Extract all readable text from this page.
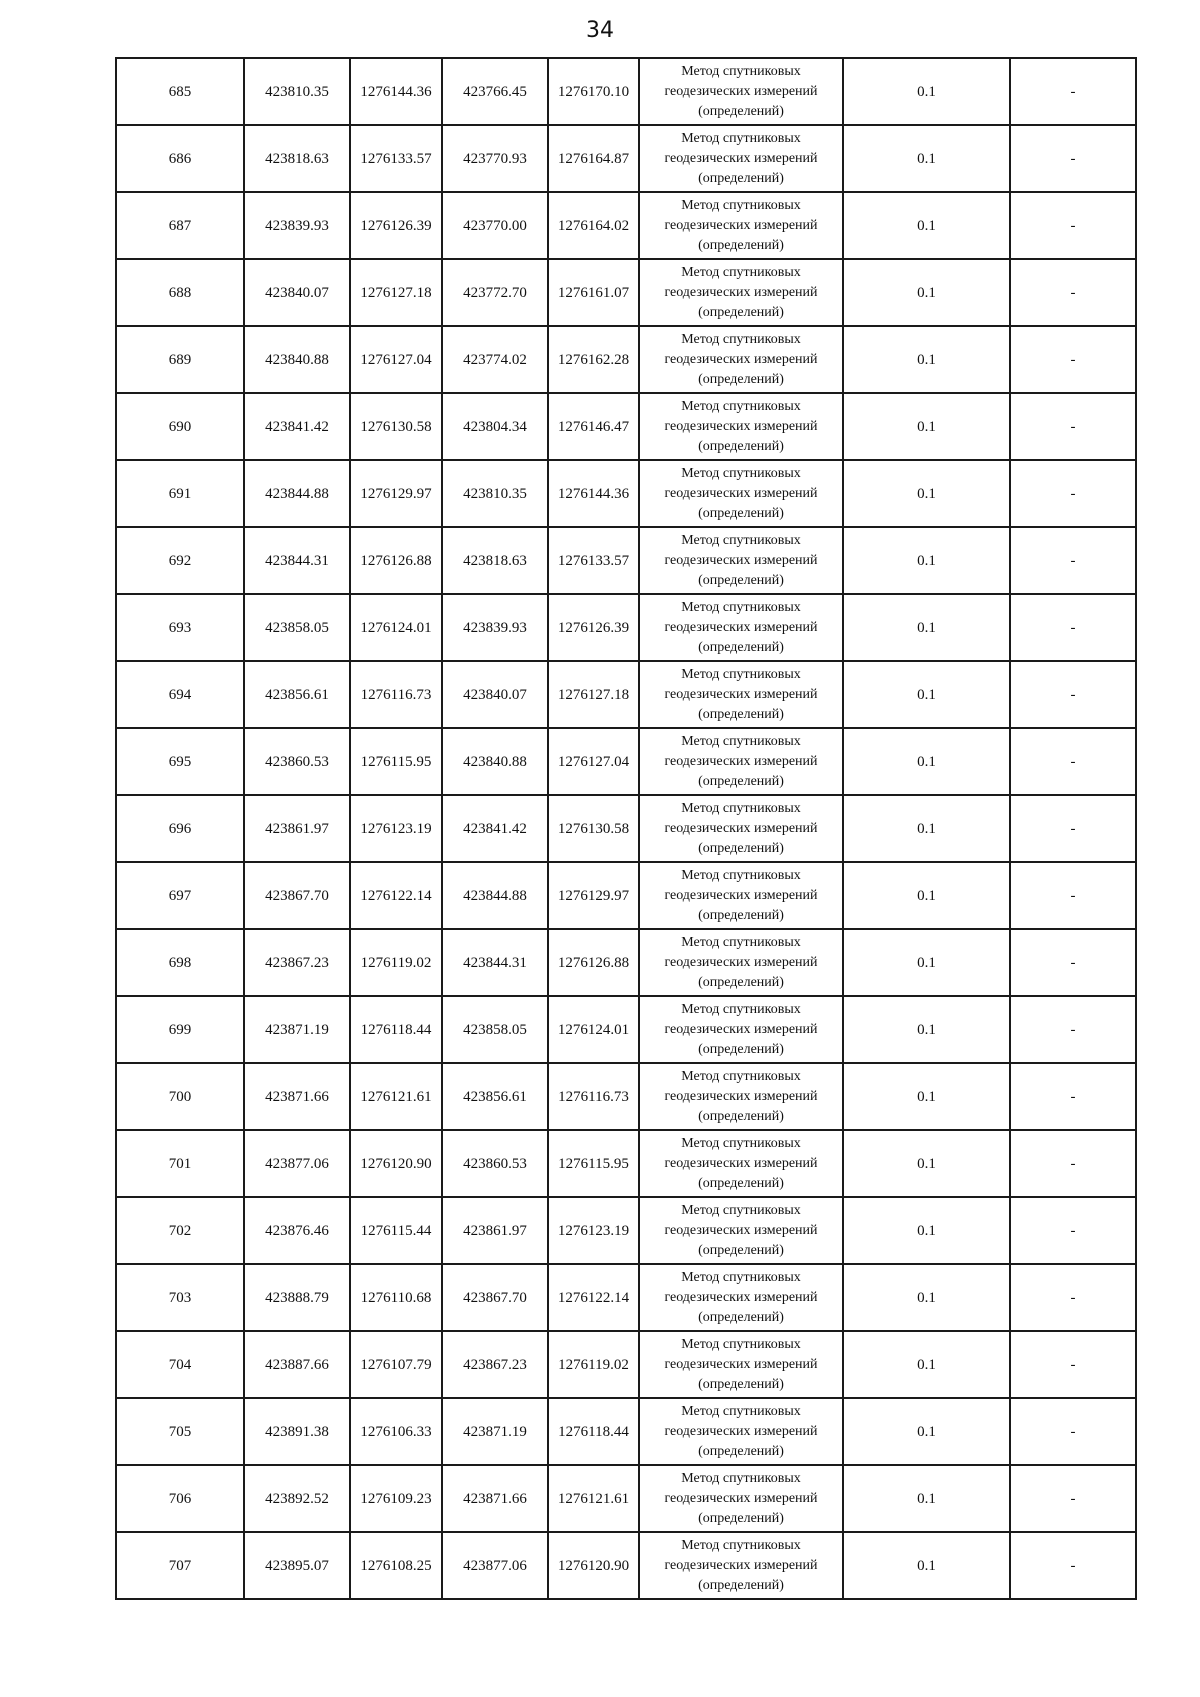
34
685	423810.35	1276144.36	423766.45	1276170.10	Метод спутниковых
геодезических измерений
(определений)	0.1	-
686	423818.63	1276133.57	423770.93	1276164.87	Метод спутниковых
геодезических измерений
(определений)	0.1	-
687	423839.93	1276126.39	423770.00	1276164.02	Метод спутниковых
геодезических измерений
(определений)	0.1	-
688	423840.07	1276127.18	423772.70	1276161.07	Метод спутниковых
геодезических измерений
(определений)	0.1	-
689	423840.88	1276127.04	423774.02	1276162.28	Метод спутниковых
геодезических измерений
(определений)	0.1	-
690	423841.42	1276130.58	423804.34	1276146.47	Метод спутниковых
геодезических измерений
(определений)	0.1	-
691	423844.88	1276129.97	423810.35	1276144.36	Метод спутниковых
геодезических измерений
(определений)	0.1	-
692	423844.31	1276126.88	423818.63	1276133.57	Метод спутниковых
геодезических измерений
(определений)	0.1	-
693	423858.05	1276124.01	423839.93	1276126.39	Метод спутниковых
геодезических измерений
(определений)	0.1	-
694	423856.61	1276116.73	423840.07	1276127.18	Метод спутниковых
геодезических измерений
(определений)	0.1	-
695	423860.53	1276115.95	423840.88	1276127.04	Метод спутниковых
геодезических измерений
(определений)	0.1	-
696	423861.97	1276123.19	423841.42	1276130.58	Метод спутниковых
геодезических измерений
(определений)	0.1	-
697	423867.70	1276122.14	423844.88	1276129.97	Метод спутниковых
геодезических измерений
(определений)	0.1	-
698	423867.23	1276119.02	423844.31	1276126.88	Метод спутниковых
геодезических измерений
(определений)	0.1	-
699	423871.19	1276118.44	423858.05	1276124.01	Метод спутниковых
геодезических измерений
(определений)	0.1	-
700	423871.66	1276121.61	423856.61	1276116.73	Метод спутниковых
геодезических измерений
(определений)	0.1	-
701	423877.06	1276120.90	423860.53	1276115.95	Метод спутниковых
геодезических измерений
(определений)	0.1	-
702	423876.46	1276115.44	423861.97	1276123.19	Метод спутниковых
геодезических измерений
(определений)	0.1	-
703	423888.79	1276110.68	423867.70	1276122.14	Метод спутниковых
геодезических измерений
(определений)	0.1	-
704	423887.66	1276107.79	423867.23	1276119.02	Метод спутниковых
геодезических измерений
(определений)	0.1	-
705	423891.38	1276106.33	423871.19	1276118.44	Метод спутниковых
геодезических измерений
(определений)	0.1	-
706	423892.52	1276109.23	423871.66	1276121.61	Метод спутниковых
геодезических измерений
(определений)	0.1	-
707	423895.07	1276108.25	423877.06	1276120.90	Метод спутниковых
геодезических измерений
(определений)	0.1	-
